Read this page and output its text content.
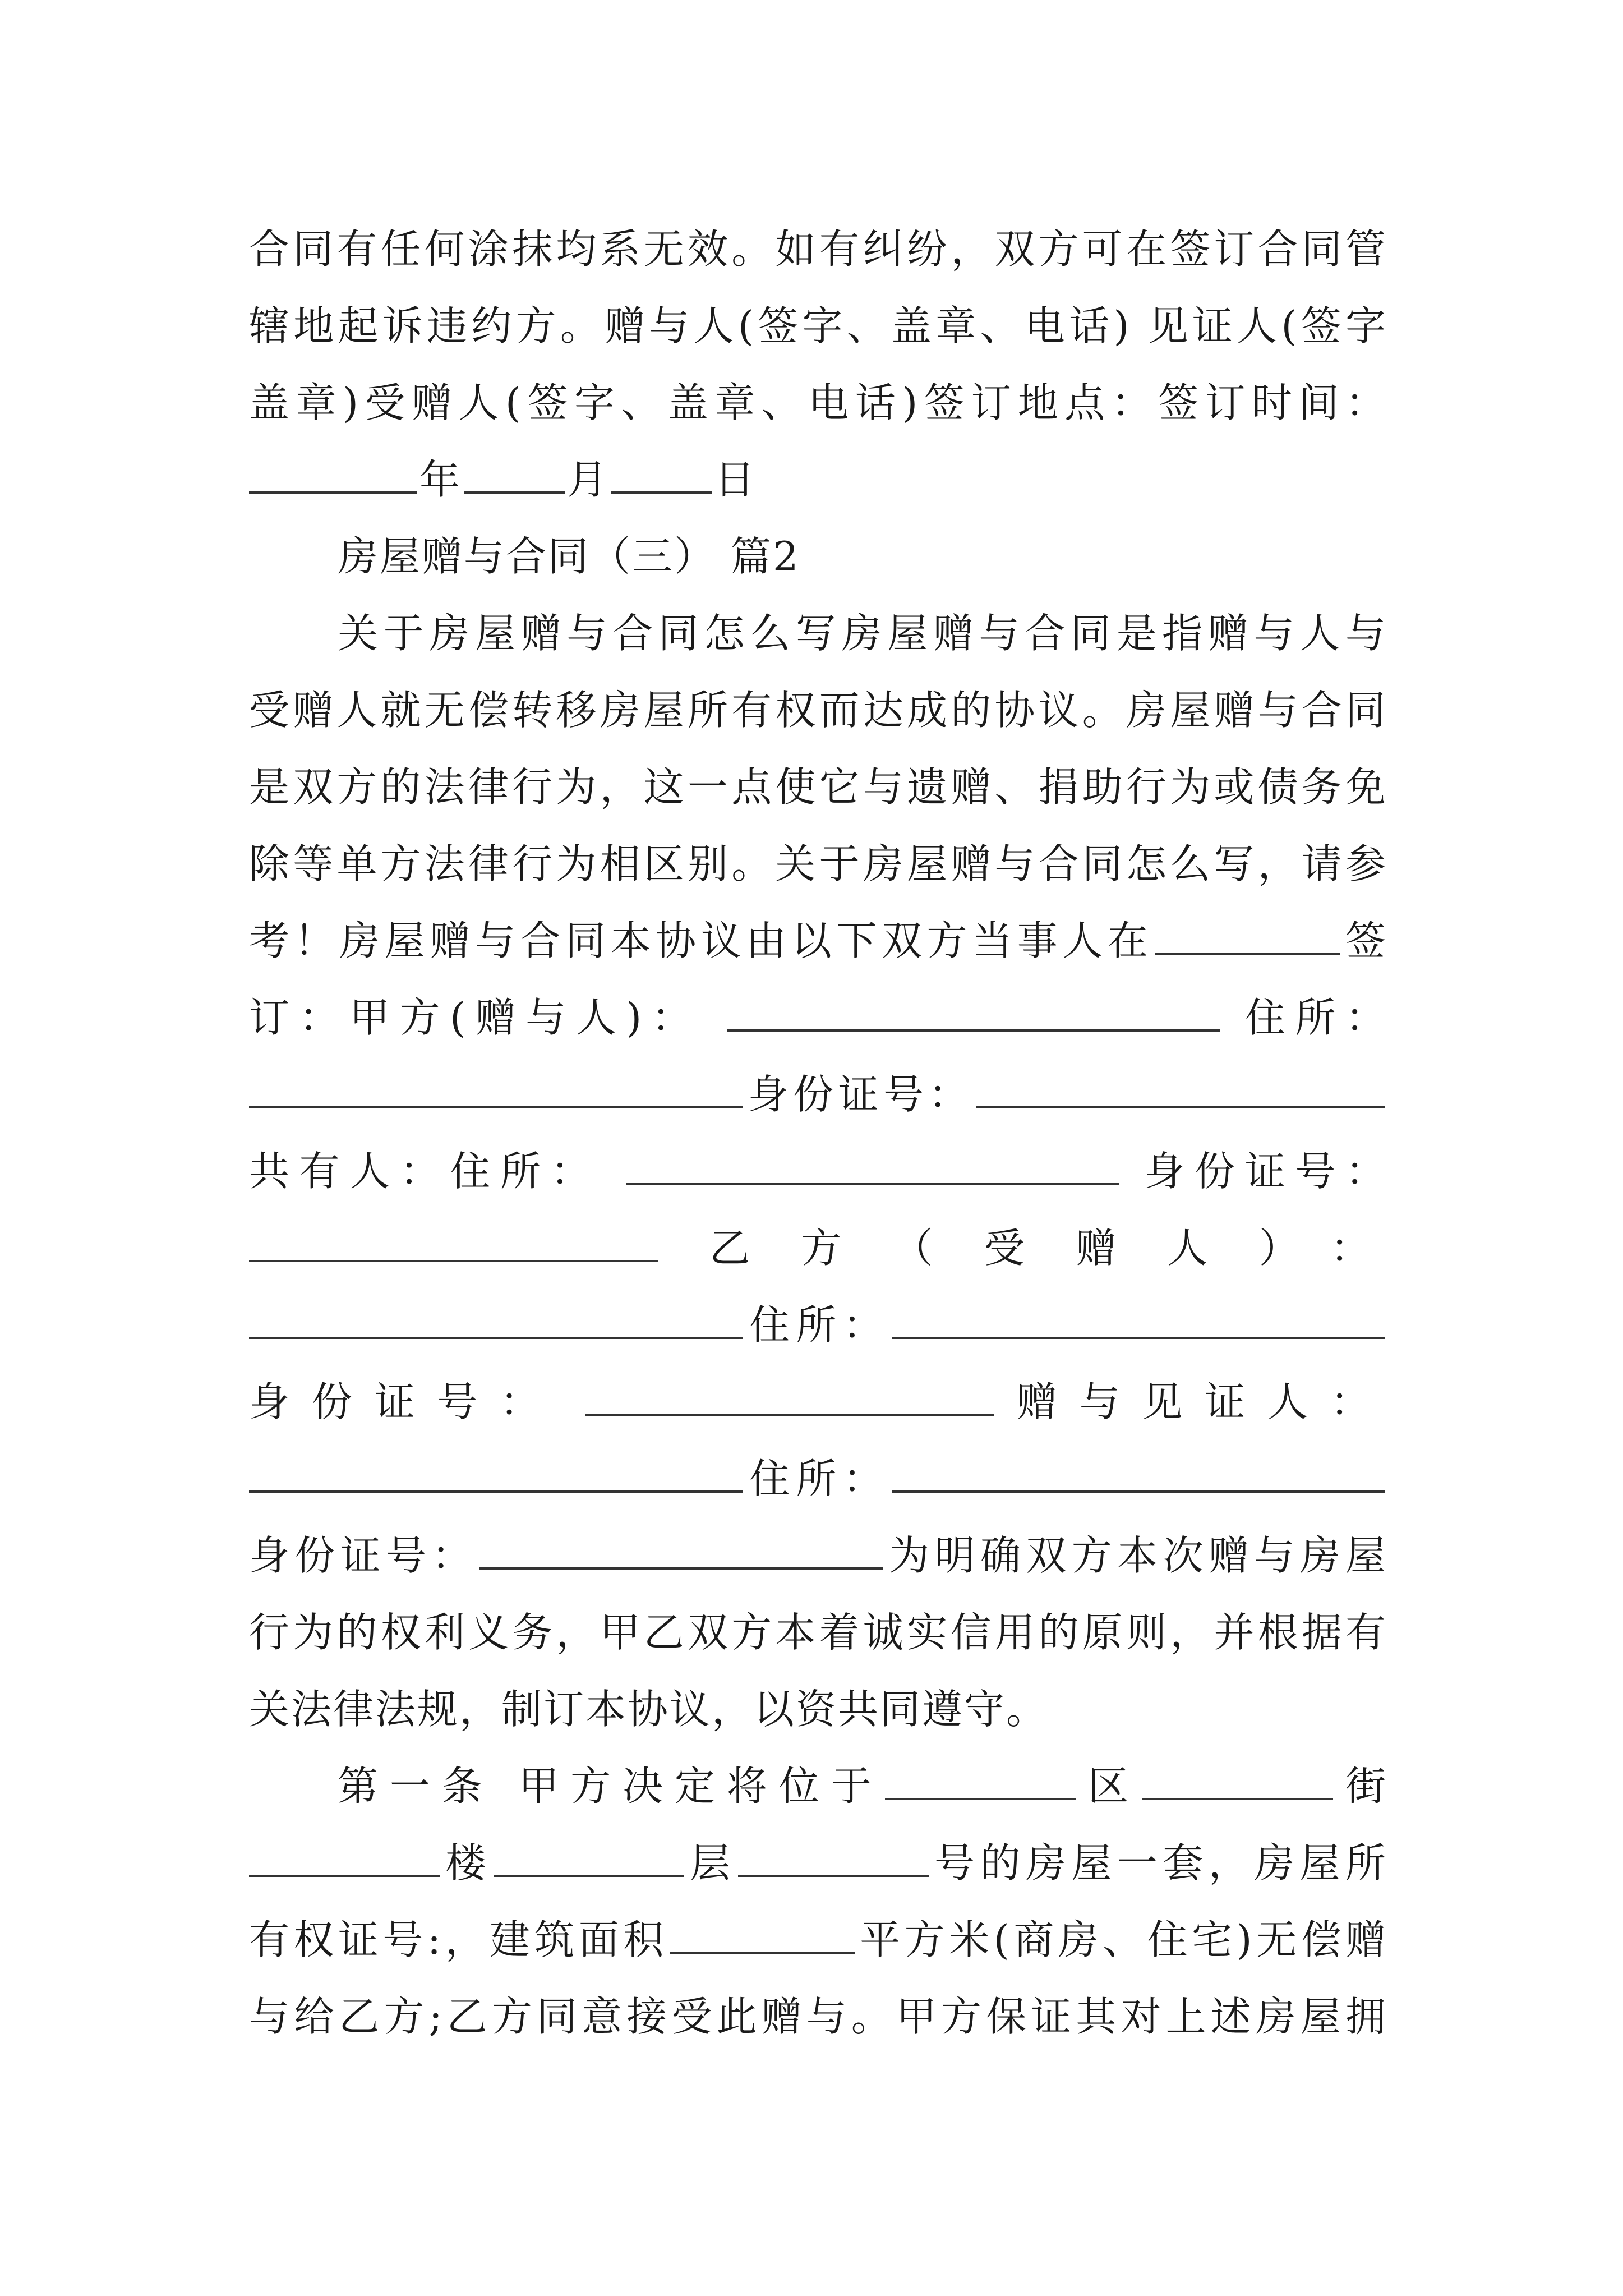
合同有任何涂抹均系无效。如有纠纷，双方可在签订合同管
辖地起诉违约方。赠与人(签字、盖章、电话) 见证人(签字
盖章)受赠人(签字、盖章、电话)签订地点：签订时间：
年	月	日
房屋赠与合同（三） 篇2
关于房屋赠与合同怎么写房屋赠与合同是指赠与人与
受赠人就无偿转移房屋所有权而达成的协议。房屋赠与合同
是双方的法律行为，这一点使它与遗赠、捐助行为或债务免
除等单方法律行为相区别。关于房屋赠与合同怎么写，请参
考！房屋赠与合同本协议由以下双方当事人在	签
订：甲方(赠与人)：	住所：
身份证号：
共有人：住所：	身份证号：
乙方（受赠人）：
住所：
身份证号：	赠与见证人：
住所：
身份证号：	为明确双方本次赠与房屋
行为的权利义务，甲乙双方本着诚实信用的原则，并根据有
关法律法规，制订本协议，以资共同遵守。
第一条 甲方决定将位于	区	街
楼	层	号的房屋一套，房屋所
有权证号:，建筑面积	平方米(商房、住宅)无偿赠
与给乙方;乙方同意接受此赠与。甲方保证其对上述房屋拥
